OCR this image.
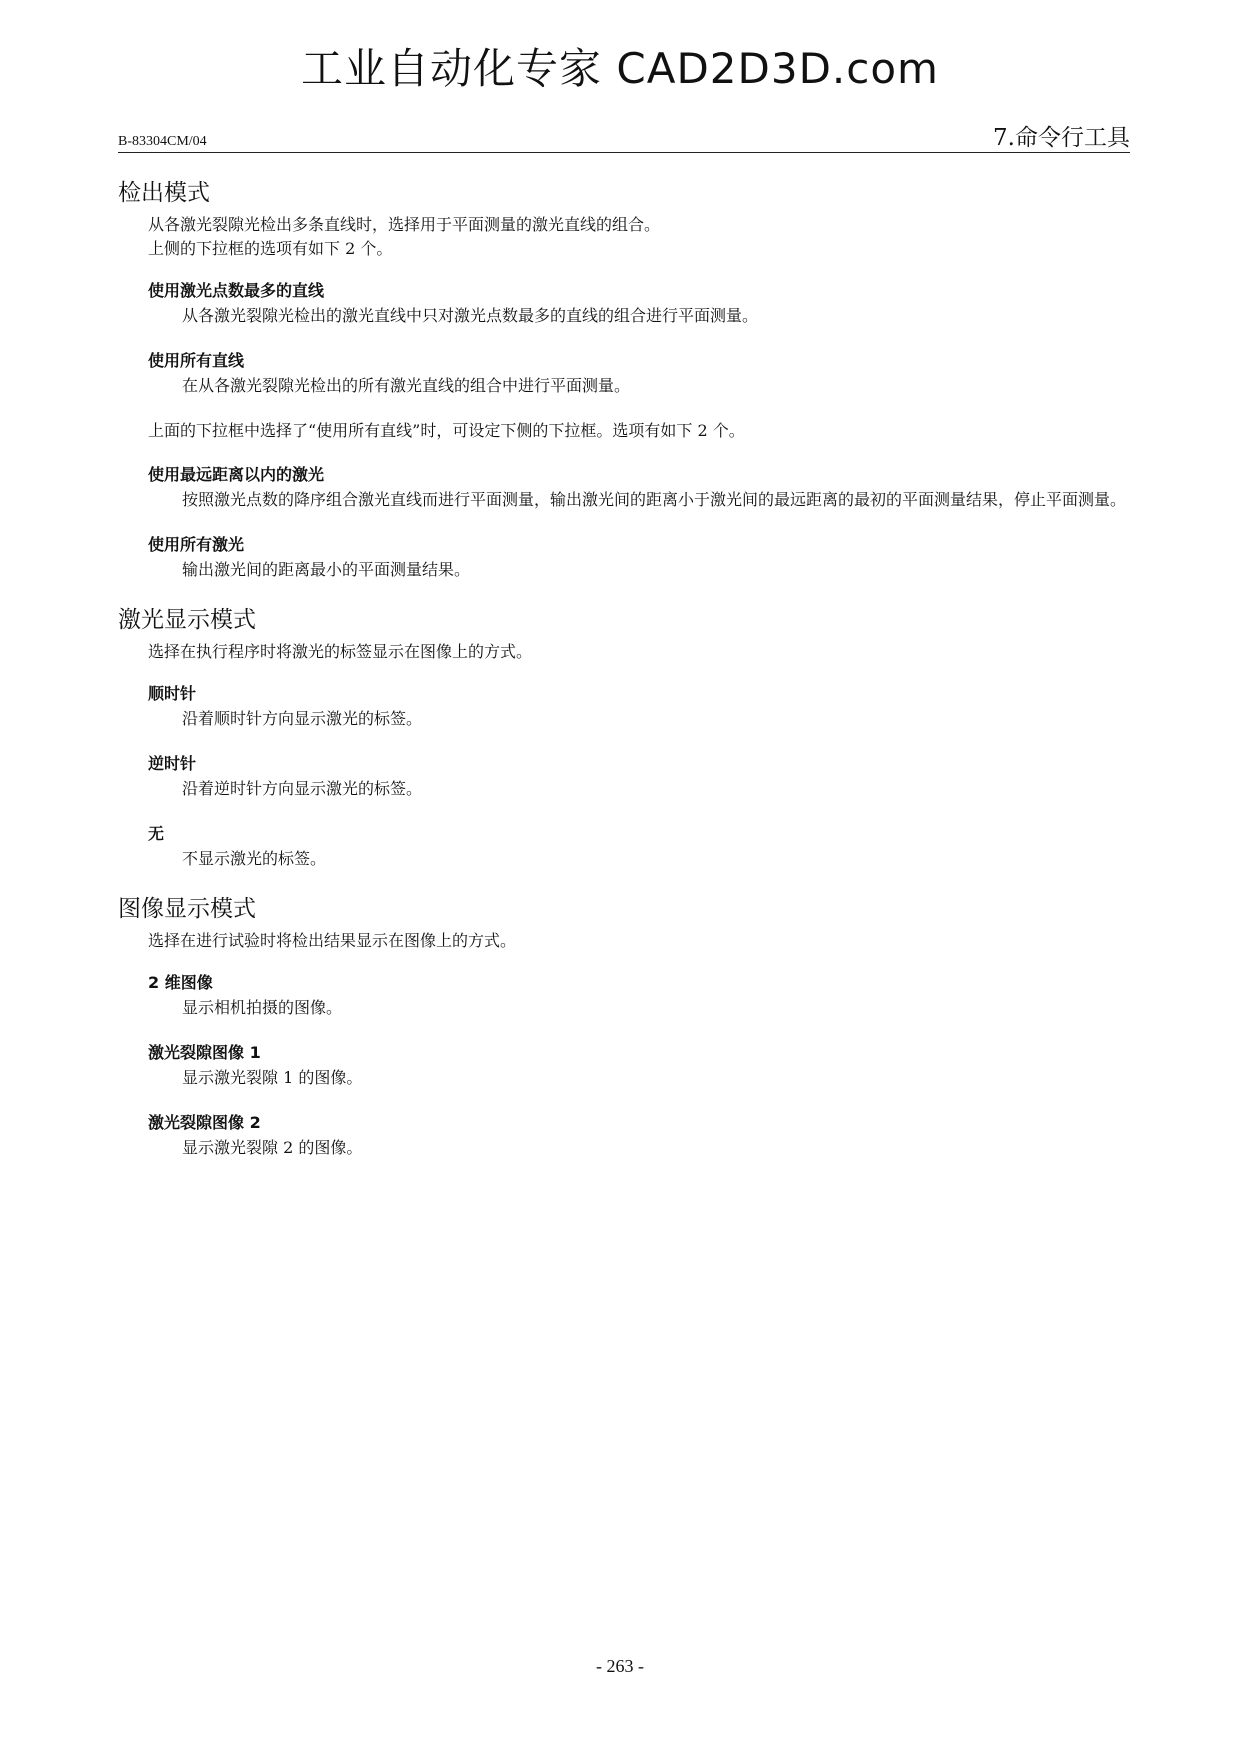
工业自动化专家 CAD2D3D.com
B-83304CM/04	7.命令行工具
检出模式
从各激光裂隙光检出多条直线时，选择用于平面测量的激光直线的组合。
上侧的下拉框的选项有如下 2 个。
使用激光点数最多的直线
从各激光裂隙光检出的激光直线中只对激光点数最多的直线的组合进行平面测量。
使用所有直线
在从各激光裂隙光检出的所有激光直线的组合中进行平面测量。
上面的下拉框中选择了“使用所有直线”时，可设定下侧的下拉框。选项有如下 2 个。
使用最远距离以内的激光
按照激光点数的降序组合激光直线而进行平面测量，输出激光间的距离小于激光间的最远距离的最初的平面测量结果，停止平面测量。
使用所有激光
输出激光间的距离最小的平面测量结果。
激光显示模式
选择在执行程序时将激光的标签显示在图像上的方式。
顺时针
沿着顺时针方向显示激光的标签。
逆时针
沿着逆时针方向显示激光的标签。
无
不显示激光的标签。
图像显示模式
选择在进行试验时将检出结果显示在图像上的方式。
2 维图像
显示相机拍摄的图像。
激光裂隙图像 1
显示激光裂隙 1 的图像。
激光裂隙图像 2
显示激光裂隙 2 的图像。
- 263 -
